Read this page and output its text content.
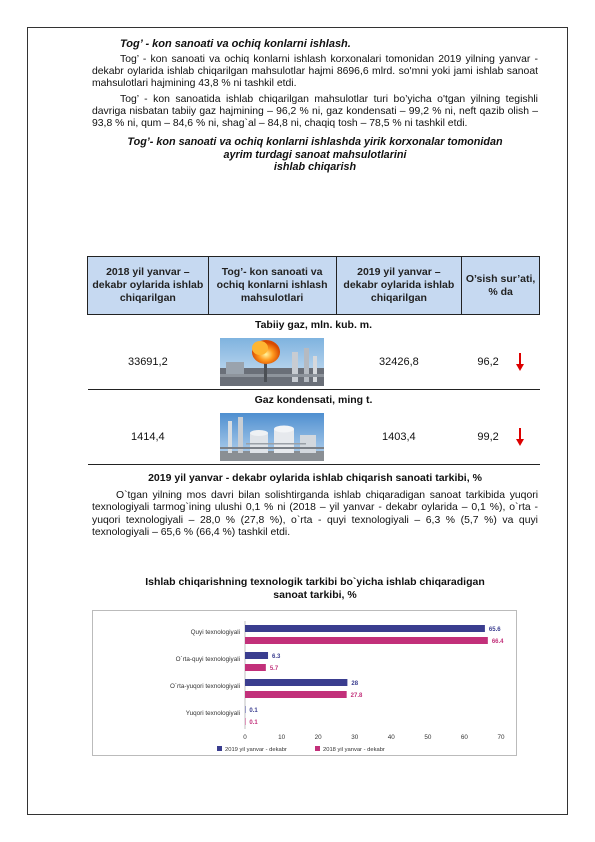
Tog’ - kon sanoati va ochiq konlarni ishlash.

Tog’ - kon sanoati va ochiq konlarni ishlash korxonalari tomonidan 2019 yilning yanvar - dekabr oylarida ishlab chiqarilgan mahsulotlar hajmi 8696,6 mlrd. so'mni yoki jami ishlab sanoat mahsulotlari hajmining 43,8 % ni tashkil etdi.

Tog’ - kon sanoatida ishlab chiqarilgan mahsulotlar turi bo’yicha o'tgan yilning tegishli davriga nisbatan tabiiy gaz hajmining – 96,2 % ni, gaz kondensati – 99,2 % ni, neft qazib olish – 93,8 % ni, qum – 84,6 % ni, shag`al – 84,8 ni, chaqiq tosh – 78,5 % ni tashkil etdi.

Tog’- kon sanoati va ochiq konlarni ishlashda yirik korxonalar tomonidan
ayrim turdagi sanoat mahsulotlarini
ishlab chiqarish

2018 yil yanvar – dekabr oylarida ishlab chiqarilgan	Tog’- kon sanoati va ochiq konlarni ishlash mahsulotlari	2019 yil yanvar – dekabr oylarida ishlab chiqarilgan	O’sish sur’ati, % da
Tabiiy gaz, mln. kub. m.			
33691,2		32426,8	96,2

Gaz kondensati, ming t.			
1414,4		1403,4	99,2
2019 yil yanvar - dekabr oylarida ishlab chiqarish sanoati tarkibi, %

O`tgan yilning mos davri bilan solishtirganda ishlab chiqaradigan sanoat tarkibida yuqori texnologiyali tarmog`ining ulushi 0,1 % ni (2018 – yil yanvar - dekabr oylarida – 0,1 %), o`rta - yuqori texnologiyali – 28,0 % (27,8 %), o`rta - quyi texnologiyali – 6,3 % (5,7 %) va quyi texnologiyali – 65,6 % (66,4 %) tashkil etdi.

Ishlab chiqarishning texnologik tarkibi bo`yicha ishlab chiqaradigan
sanoat tarkibi, %
Quyi texnologiyali	65.6
66.4
O`rta-quyi texnologiyali	6.3
5.7
O`rta-yuqori texnologiyali	28
27.8
Yuqori texnologiyali 0.1
0.1
0	10	20	30	40	50	60	70
2019 yil yanvar - dekabr	2018 yil yanvar - dekabr
